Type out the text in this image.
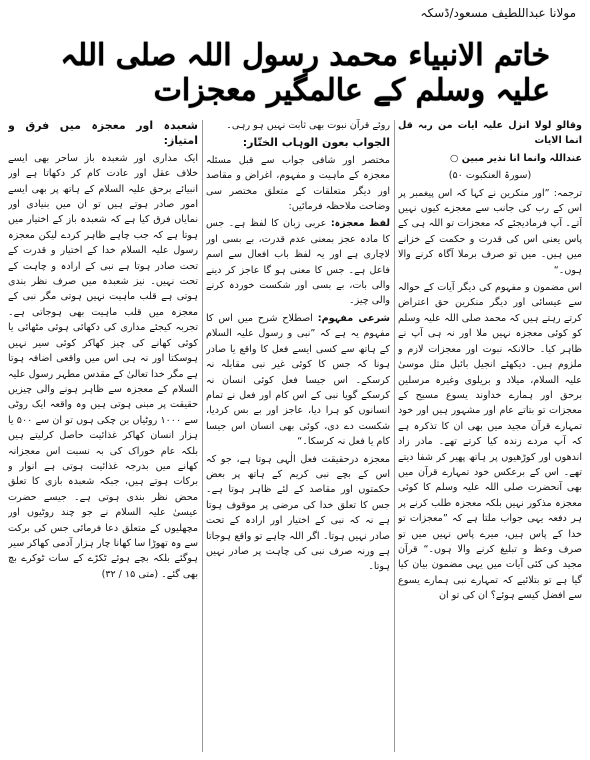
مولانا عبداللطیف مسعود/ڈسکہ
خاتم الانبیاء محمد رسول اللہ صلی اللہ علیہ وسلم کے عالمگیر معجزات

وقالو لولا انزل علیہ ایات من ربہ قل انما الایات

عنداللہ وانما انا نذیر مبین ○

(سورۃ العنکبوت ۵۰)

ترجمہ: ”اور منکرین نے کہا کہ اس پیغمبر پر اس کے رب کی جانب سے معجزے کیوں نہیں آتے۔ آپ فرمادیجئے کہ معجزات تو اللہ ہی کے پاس یعنی اس کی قدرت و حکمت کے خزانے میں ہیں۔ میں تو صرف برملا آگاہ کرنے والا ہوں۔“

اس مضمون و مفہوم کی دیگر آیات کے حوالہ سے عیسائی اور دیگر منکرین حق اعتراض کرتے رہتے ہیں کہ محمد صلی اللہ علیہ وسلم کو کوئی معجزہ نہیں ملا اور نہ ہی آپ نے ظاہر کیا۔ حالانکہ نبوت اور معجزات لازم و ملزوم ہیں۔ دیکھئے انجیل بائبل مثل موسیٰ علیہ السلام، میلاد و بریلوی وغیرہ مرسلین برحق اور ہمارے خداوند یسوع مسیح کے معجزات تو بتاتے عام اور مشہور ہیں اور خود تمہارے قرآن مجید میں بھی ان کا تذکرہ ہے کہ آپ مردے زندہ کیا کرتے تھے۔ مادر زاد اندھوں اور کوڑھیوں پر ہاتھ پھیر کر شفا دیتے تھے۔ اس کے برعکس خود تمہارے قرآن میں بھی آنحضرت صلی اللہ علیہ وسلم کا کوئی معجزہ مذکور نہیں بلکہ معجزہ طلب کرنے پر ہر دفعہ یہی جواب ملتا ہے کہ ”معجزات تو خدا کے پاس ہیں، میرے پاس نہیں میں تو صرف وعظ و تبلیغ کرنے والا ہوں۔“ قرآن مجید کی کئی آیات میں یہی مضمون بیان کیا گیا ہے تو بتلائیے کہ تمہارے نبی ہمارے یسوع سے افضل کیسے ہوئے؟ ان کی تو ان

روئے قرآن نبوت بھی ثابت نہیں ہو رہی۔

الجواب بعون الوہاب الختّار:

مختصر اور شافی جواب سے قبل مسئلہ معجزہ کے ماہیت و مفہوم، اغراض و مقاصد اور دیگر متعلقات کے متعلق مختصر سی وضاحت ملاحظہ فرمائیں:

لفظ معجزہ: عربی زبان کا لفظ ہے۔ جس کا مادہ عجز بمعنی عدم قدرت، بے بسی اور لاچاری ہے اور یہ لفظ باب افعال سے اسم فاعل ہے۔ جس کا معنی ہو گا عاجز کر دینے والی بات، بے بسی اور شکست خوردہ کرنے والی چیز۔

شرعی مفہوم: اصطلاح شرح میں اس کا مفہوم یہ ہے کہ ”نبی و رسول علیہ السلام کے ہاتھ سے کسی ایسے فعل کا واقع یا صادر ہونا کہ جس کا کوئی غیر نبی مقابلہ نہ کرسکے۔ اس جیسا فعل کوئی انسان نہ کرسکے گویا نبی کے اس کام اور فعل نے تمام انسانوں کو ہرا دیا، عاجز اور بے بس کردیا، شکست دے دی، کوئی بھی انسان اس جیسا کام یا فعل نہ کرسکا۔“

معجزہ درحقیقت فعل الٰہی ہوتا ہے، جو کہ اس کے بچے نبی کریم کے ہاتھ پر بعض حکمتوں اور مقاصد کے لئے ظاہر ہوتا ہے۔ جس کا تعلق خدا کی مرضی پر موقوف ہوتا ہے نہ کہ نبی کے اختیار اور ارادہ کے تحت صادر نہیں ہوتا۔ اگر اللہ چاہے تو واقع ہوجاتا ہے ورنہ صرف نبی کی چاہت پر صادر نہیں ہوتا۔

شعبدہ اور معجزہ میں فرق و امتیاز:

ایک مداری اور شعبدہ باز ساحر بھی ایسے خلاف عقل اور عادت کام کر دکھاتا ہے اور انبیائے برحق علیہ السلام کے ہاتھ پر بھی ایسے امور صادر ہوتے ہیں تو ان میں بنیادی اور نمایاں فرق کیا ہے کہ شعبدہ باز کے اختیار میں ہوتا ہے کہ جب چاہے ظاہر کردے لیکن معجزہ رسول علیہ السلام خدا کے اختیار و قدرت کے تحت صادر ہوتا ہے نبی کے ارادہ و چاہت کے تحت نہیں۔ نیز شعبدہ میں صرف نظر بندی ہوتی ہے قلب ماہیت نہیں ہوتی مگر نبی کے معجزہ میں قلب ماہیت بھی ہوجاتی ہے۔ تجربہ کیجئے مداری کی دکھائی ہوئی مٹھائی یا کوئی کھانے کی چیز کھاکر کوئی سیر نہیں ہوسکتا اور نہ ہی اس میں واقعی اضافہ ہوتا ہے مگر خدا تعالیٰ کے مقدس مطہر رسول علیہ السلام کے معجزہ سے ظاہر ہونے والی چیزیں حقیقت پر مبنی ہوتی ہیں وہ واقعہ ایک روٹی سے ۱۰۰۰ روٹیاں بن چکی ہوں تو ان سے ۵۰۰ یا ہزار انسان کھاکر غذائیت حاصل کرلیتے ہیں بلکہ عام خوراک کی بہ نسبت اس معجزانہ کھانے میں بدرجہ غذائیت ہوتی ہے انوار و برکات ہوتے ہیں، جبکہ شعبدہ بازی کا تعلق محض نظر بندی ہوتی ہے۔ جیسے حضرت عیسیٰ علیہ السلام نے جو چند روٹیوں اور مچھلیوں کے متعلق دعا فرمائی جس کی برکت سے وہ تھوڑا سا کھانا چار ہزار آدمی کھاکر سیر ہوگئے بلکہ بچے ہوئے ٹکڑے کے سات ٹوکرے بچ بھی گئے۔ (متی ۱۵ / ۳۲)
